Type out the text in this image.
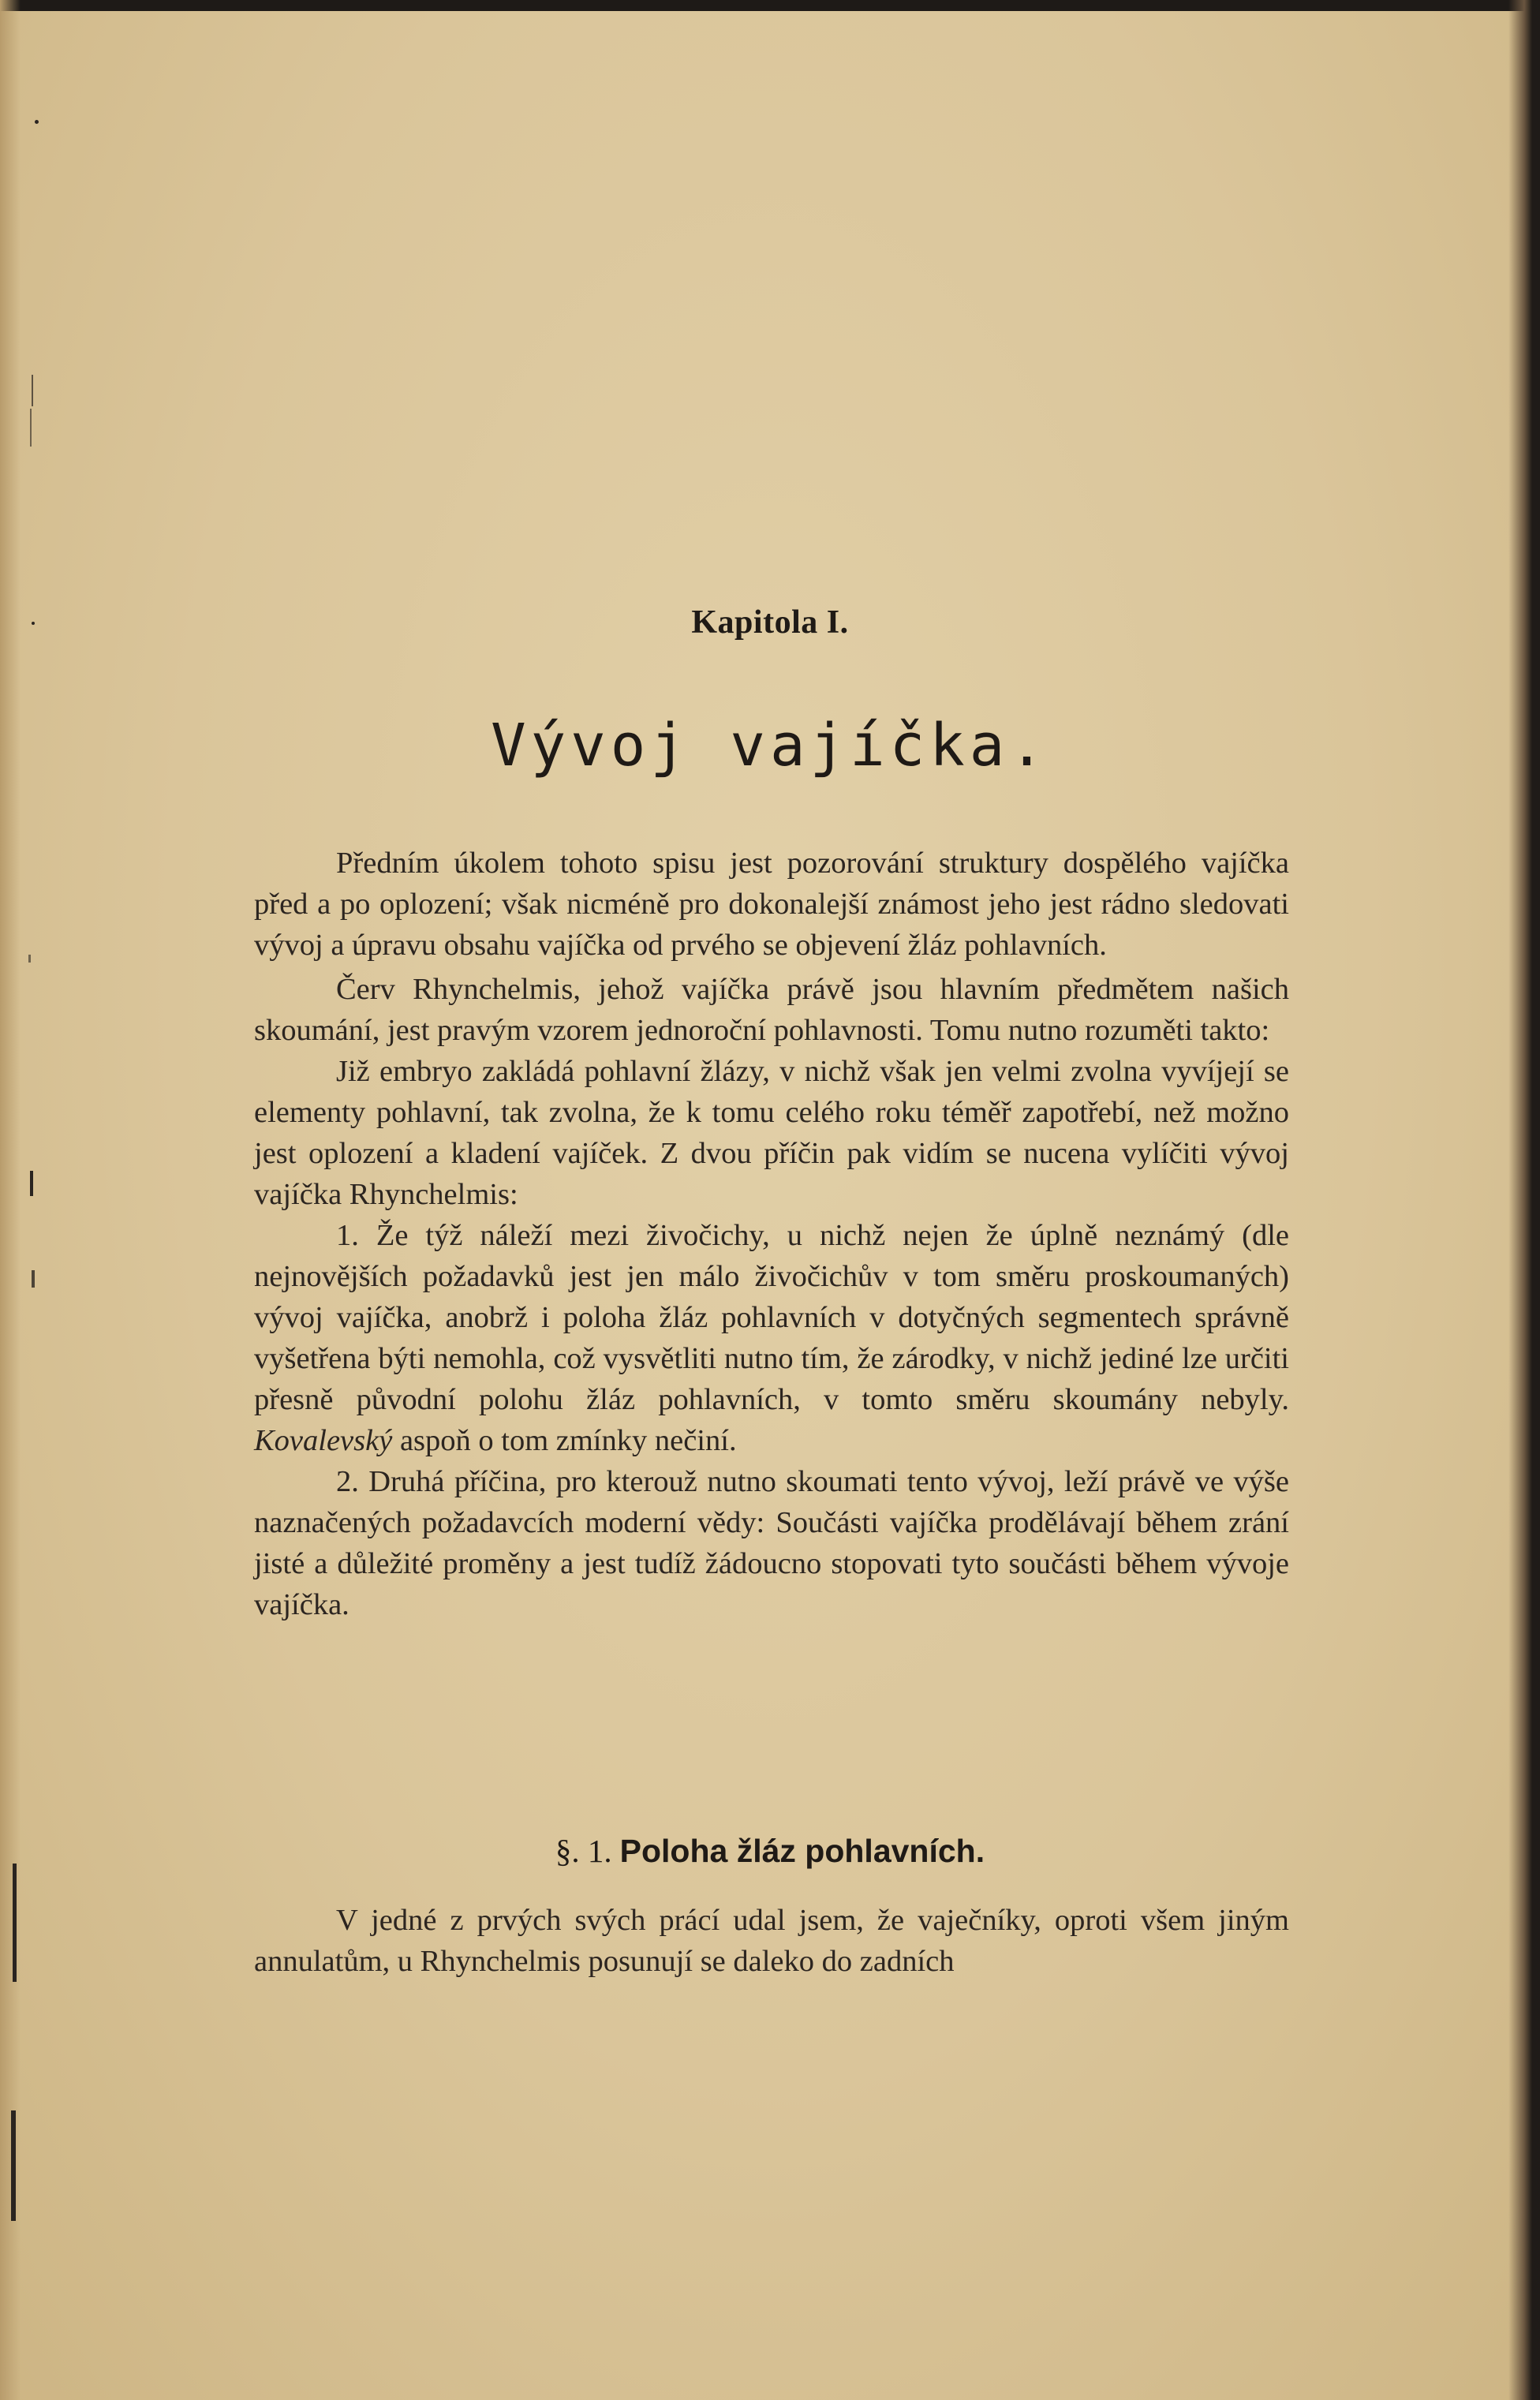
Kapitola I.
Vývoj vajíčka.

Předním úkolem tohoto spisu jest pozorování struktury dospělého vajíčka před a po oplození; však nicméně pro dokonalejší známost jeho jest rádno sledovati vývoj a úpravu obsahu vajíčka od prvého se objevení žláz pohlavních.

Červ Rhynchelmis, jehož vajíčka právě jsou hlavním předmětem našich skoumání, jest pravým vzorem jednoroční pohlavnosti. Tomu nutno rozuměti takto:

Již embryo zakládá pohlavní žlázy, v nichž však jen velmi zvolna vyvíjejí se elementy pohlavní, tak zvolna, že k tomu celého roku téměř zapotřebí, než možno jest oplození a kladení vajíček. Z dvou příčin pak vidím se nucena vylíčiti vývoj vajíčka Rhynchelmis:

1. Že týž náleží mezi živočichy, u nichž nejen že úplně neznámý (dle nejnovějších požadavků jest jen málo živočichův v tom směru proskoumaných) vývoj vajíčka, anobrž i poloha žláz pohlavních v dotyčných segmentech správně vyšetřena býti nemohla, což vysvětliti nutno tím, že zárodky, v nichž jediné lze určiti přesně původní polohu žláz pohlavních, v tomto směru skoumány nebyly. Kovalevský aspoň o tom zmínky nečiní.

2. Druhá příčina, pro kterouž nutno skoumati tento vývoj, leží právě ve výše naznačených požadavcích moderní vědy: Součásti vajíčka prodělávají během zrání jisté a důležité proměny a jest tudíž žádoucno stopovati tyto součásti během vývoje vajíčka.

§. 1. Poloha žláz pohlavních.

V jedné z prvých svých prácí udal jsem, že vaječníky, oproti všem jiným annulatům, u Rhynchelmis posunují se daleko do zadních
